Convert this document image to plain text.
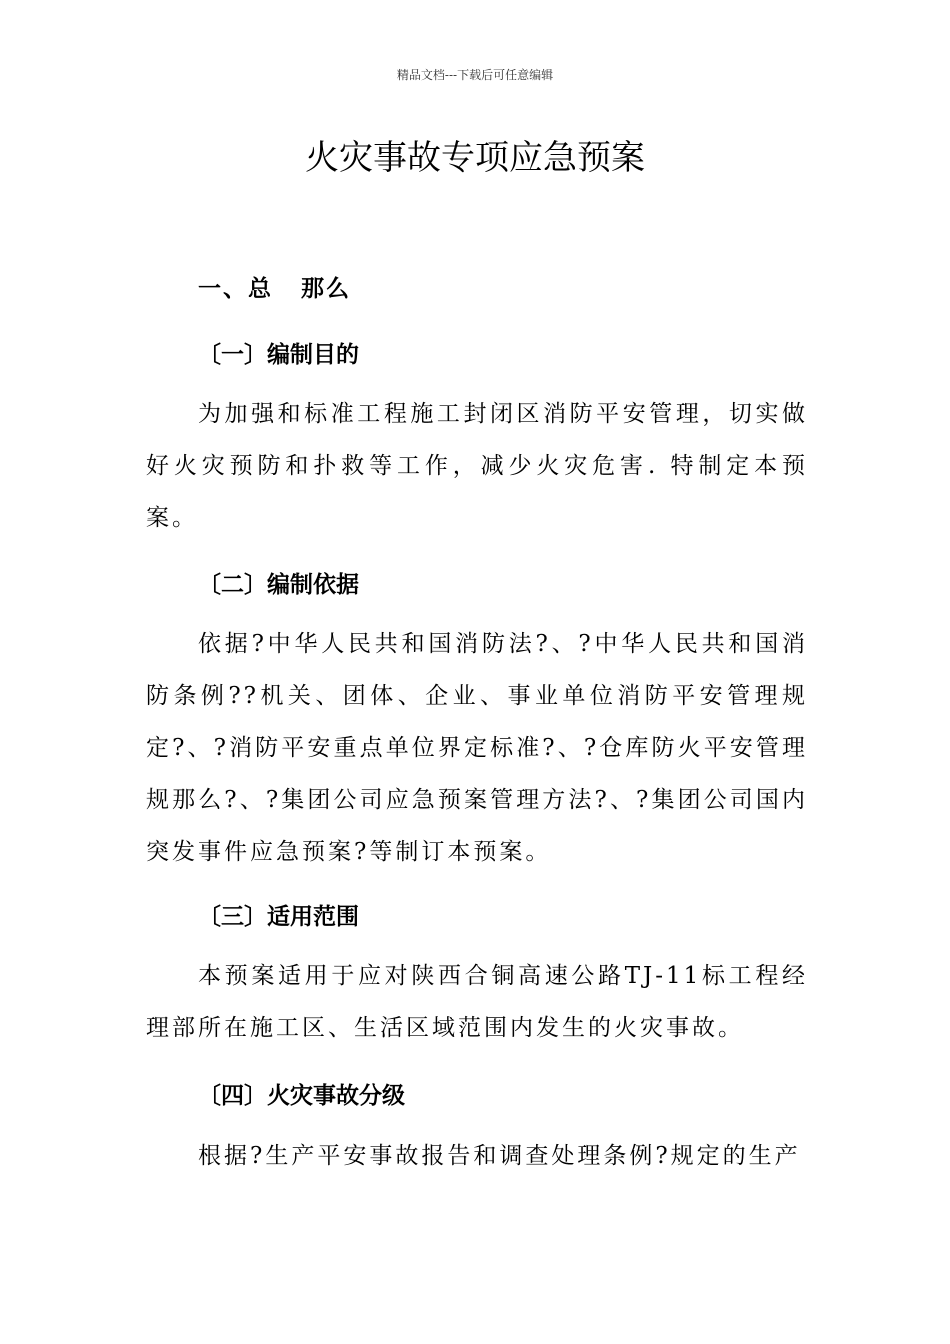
精品文档---下载后可任意编辑
火灾事故专项应急预案
一、总 那么
〔一〕编制目的
为加强和标准工程施工封闭区消防平安管理，切实做好火灾预防和扑救等工作，减少火灾危害. 特制定本预案。
〔二〕编制依据
依据?中华人民共和国消防法?、?中华人民共和国消防条例??机关、团体、企业、事业单位消防平安管理规定?、?消防平安重点单位界定标准?、?仓库防火平安管理规那么?、?集团公司应急预案管理方法?、?集团公司国内突发事件应急预案?等制订本预案。
〔三〕适用范围
本预案适用于应对陕西合铜高速公路TJ-11标工程经理部所在施工区、生活区域范围内发生的火灾事故。
〔四〕火灾事故分级
根据?生产平安事故报告和调查处理条例?规定的生产
